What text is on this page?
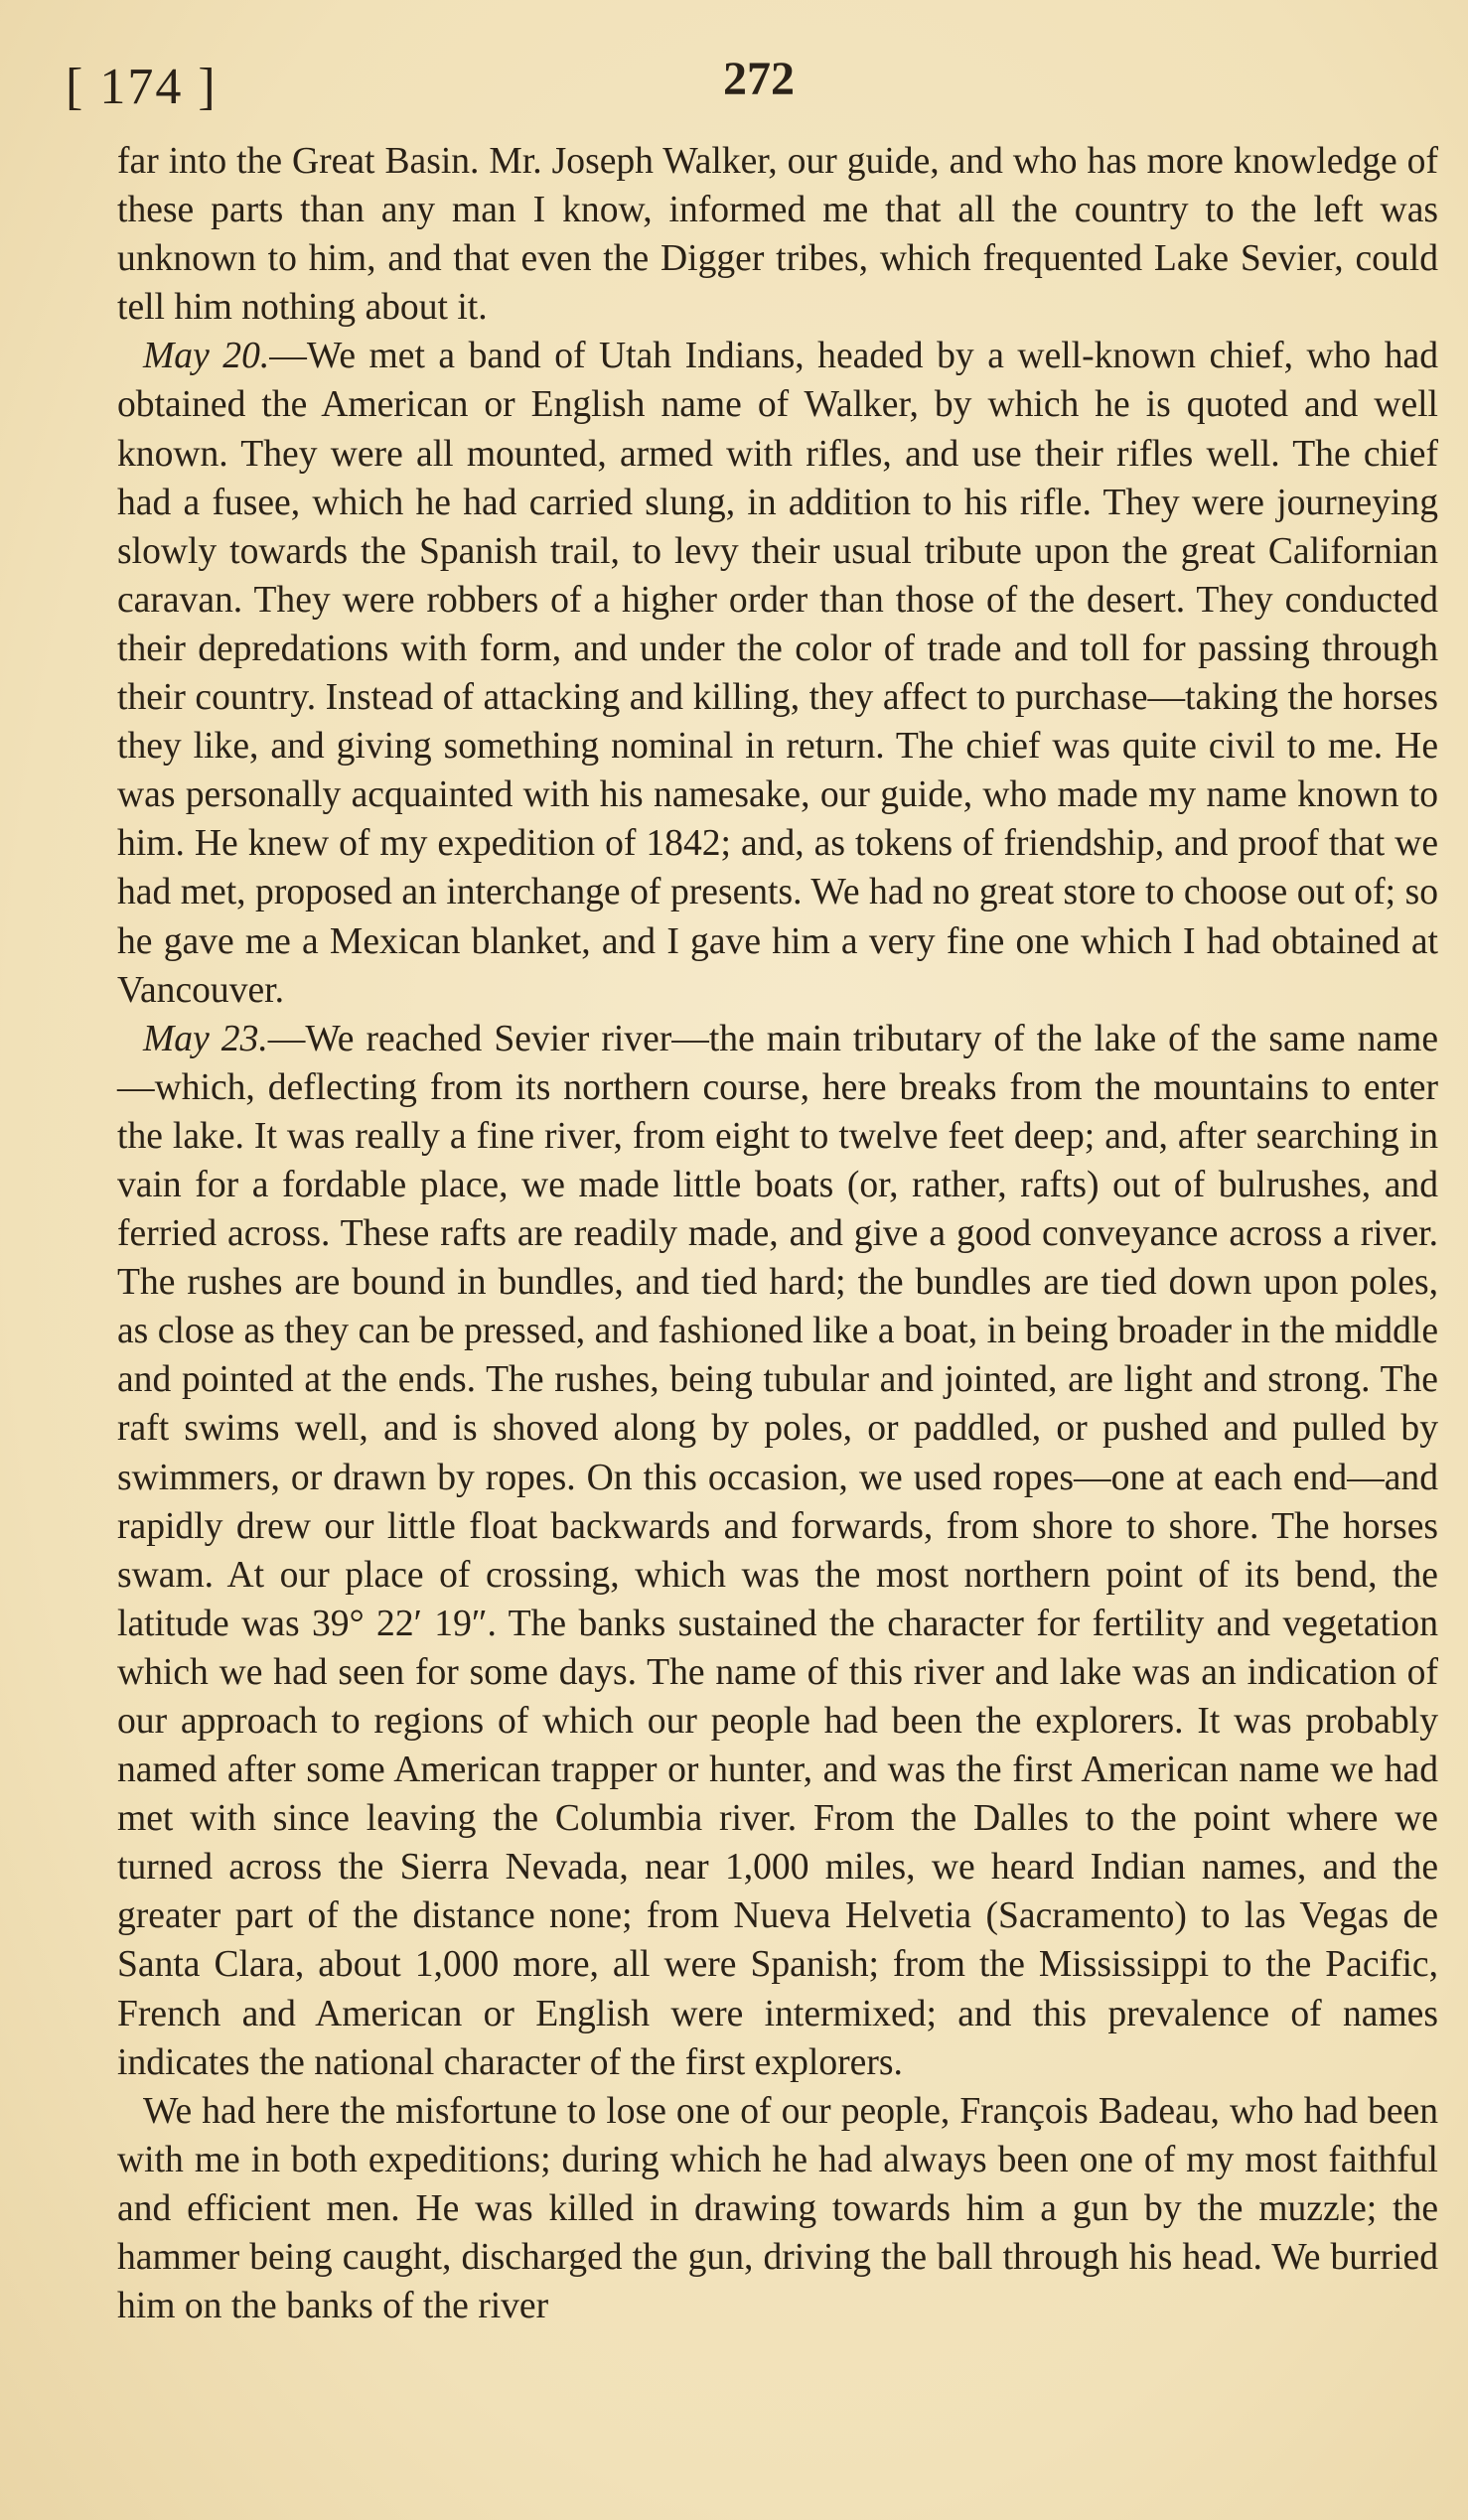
[ 174 ]	272

far into the Great Basin. Mr. Joseph Walker, our guide, and who has more knowledge of these parts than any man I know, informed me that all the country to the left was unknown to him, and that even the Digger tribes, which frequented Lake Sevier, could tell him nothing about it.

May 20.—We met a band of Utah Indians, headed by a well-known chief, who had obtained the American or English name of Walker, by which he is quoted and well known. They were all mounted, armed with rifles, and use their rifles well. The chief had a fusee, which he had carried slung, in addition to his rifle. They were journeying slowly towards the Spanish trail, to levy their usual tribute upon the great Californian caravan. They were robbers of a higher order than those of the desert. They conducted their depredations with form, and under the color of trade and toll for passing through their country. Instead of attacking and killing, they affect to purchase—taking the horses they like, and giving something nominal in return. The chief was quite civil to me. He was personally acquainted with his namesake, our guide, who made my name known to him. He knew of my expedition of 1842; and, as tokens of friendship, and proof that we had met, proposed an interchange of presents. We had no great store to choose out of; so he gave me a Mexican blanket, and I gave him a very fine one which I had obtained at Vancouver.

May 23.—We reached Sevier river—the main tributary of the lake of the same name—which, deflecting from its northern course, here breaks from the mountains to enter the lake. It was really a fine river, from eight to twelve feet deep; and, after searching in vain for a fordable place, we made little boats (or, rather, rafts) out of bulrushes, and ferried across. These rafts are readily made, and give a good conveyance across a river. The rushes are bound in bundles, and tied hard; the bundles are tied down upon poles, as close as they can be pressed, and fashioned like a boat, in being broader in the middle and pointed at the ends. The rushes, being tubular and jointed, are light and strong. The raft swims well, and is shoved along by poles, or paddled, or pushed and pulled by swimmers, or drawn by ropes. On this occasion, we used ropes—one at each end—and rapidly drew our little float backwards and forwards, from shore to shore. The horses swam. At our place of crossing, which was the most northern point of its bend, the latitude was 39° 22′ 19″. The banks sustained the character for fertility and vegetation which we had seen for some days. The name of this river and lake was an indication of our approach to regions of which our people had been the explorers. It was probably named after some American trapper or hunter, and was the first American name we had met with since leaving the Columbia river. From the Dalles to the point where we turned across the Sierra Nevada, near 1,000 miles, we heard Indian names, and the greater part of the distance none; from Nueva Helvetia (Sacramento) to las Vegas de Santa Clara, about 1,000 more, all were Spanish; from the Mississippi to the Pacific, French and American or English were intermixed; and this prevalence of names indicates the national character of the first explorers.

We had here the misfortune to lose one of our people, François Badeau, who had been with me in both expeditions; during which he had always been one of my most faithful and efficient men. He was killed in drawing towards him a gun by the muzzle; the hammer being caught, discharged the gun, driving the ball through his head. We burried him on the banks of the river
